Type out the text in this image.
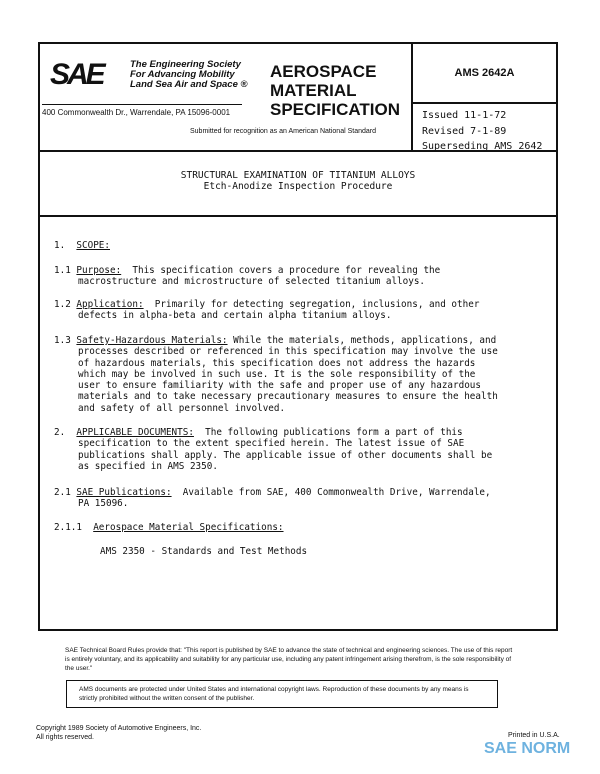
SAE	The Engineering Society
For Advancing Mobility
Land Sea Air and Space ®
400 Commonwealth Dr., Warrendale, PA 15096-0001
AEROSPACE
MATERIAL
SPECIFICATION
Submitted for recognition as an American National Standard
AMS 2642A
Issued 11-1-72
Revised 7-1-89
Superseding AMS 2642
STRUCTURAL EXAMINATION OF TITANIUM ALLOYS
Etch-Anodize Inspection Procedure
1. SCOPE:
1.1 Purpose: This specification covers a procedure for revealing the
macrostructure and microstructure of selected titanium alloys.
1.2 Application: Primarily for detecting segregation, inclusions, and other
defects in alpha-beta and certain alpha titanium alloys.
1.3 Safety-Hazardous Materials: While the materials, methods, applications, and
processes described or referenced in this specification may involve the use
of hazardous materials, this specification does not address the hazards
which may be involved in such use. It is the sole responsibility of the
user to ensure familiarity with the safe and proper use of any hazardous
materials and to take necessary precautionary measures to ensure the health
and safety of all personnel involved.
2. APPLICABLE DOCUMENTS: The following publications form a part of this
specification to the extent specified herein. The latest issue of SAE
publications shall apply. The applicable issue of other documents shall be
as specified in AMS 2350.
2.1 SAE Publications: Available from SAE, 400 Commonwealth Drive, Warrendale,
PA 15096.
2.1.1 Aerospace Material Specifications:
AMS 2350 - Standards and Test Methods
SAE Technical Board Rules provide that: "This report is published by SAE to advance the state of technical and engineering sciences. The use of this report is entirely voluntary, and its applicability and suitability for any particular use, including any patent infringement arising therefrom, is the sole responsibility of the user."
AMS documents are protected under United States and international copyright laws. Reproduction of these documents by any means is strictly prohibited without the written consent of the publisher.
Copyright 1989 Society of Automotive Engineers, Inc.
All rights reserved.	Printed in U.S.A.
SAE NORM
